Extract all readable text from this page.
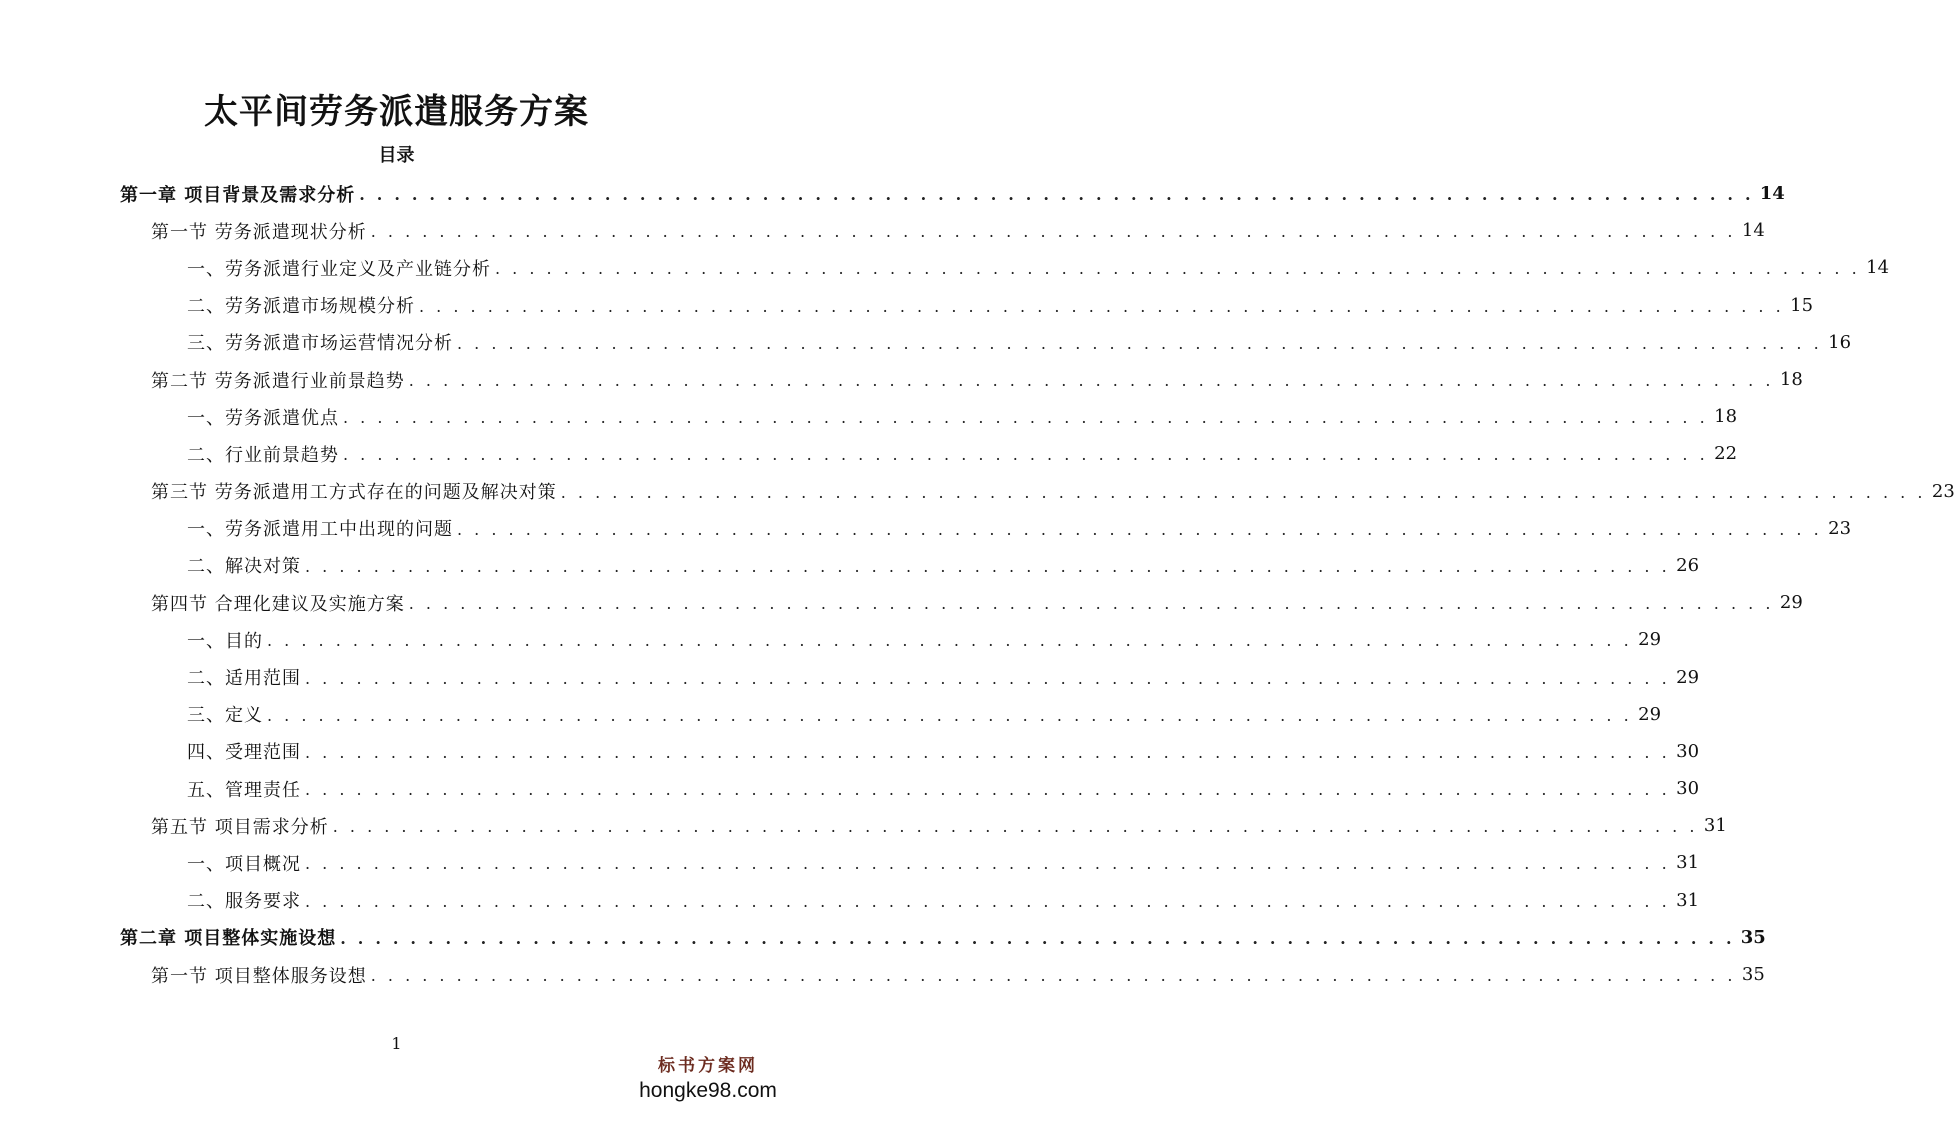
太平间劳务派遣服务方案
目录
第一章 项目背景及需求分析 . . . . . . . . . . . . . . . . . . . . . . . . . . . . . . . . . . . . . . . . . . . . . . . . . . . . . . . . . . . . . . . . . . . . . . . . . . . . . . . . 14
第一节 劳务派遣现状分析 . . . . . . . . . . . . . . . . . . . . . . . . . . . . . . . . . . . . . . . . . . . . . . . . . . . . . . . . . . . . . . . . . . . . . . . . . . . . . . . . 14
一、劳务派遣行业定义及产业链分析 . . . . . . . . . . . . . . . . . . . . . . . . . . . . . . . . . . . . . . . . . . . . . . . . . . . . . . . . . . . . . . . . . . . . . . . . . . . . . . . . 14
二、劳务派遣市场规模分析 . . . . . . . . . . . . . . . . . . . . . . . . . . . . . . . . . . . . . . . . . . . . . . . . . . . . . . . . . . . . . . . . . . . . . . . . . . . . . . . . 15
三、劳务派遣市场运营情况分析 . . . . . . . . . . . . . . . . . . . . . . . . . . . . . . . . . . . . . . . . . . . . . . . . . . . . . . . . . . . . . . . . . . . . . . . . . . . . . . . . 16
第二节 劳务派遣行业前景趋势 . . . . . . . . . . . . . . . . . . . . . . . . . . . . . . . . . . . . . . . . . . . . . . . . . . . . . . . . . . . . . . . . . . . . . . . . . . . . . . . . 18
一、劳务派遣优点 . . . . . . . . . . . . . . . . . . . . . . . . . . . . . . . . . . . . . . . . . . . . . . . . . . . . . . . . . . . . . . . . . . . . . . . . . . . . . . . . 18
二、行业前景趋势 . . . . . . . . . . . . . . . . . . . . . . . . . . . . . . . . . . . . . . . . . . . . . . . . . . . . . . . . . . . . . . . . . . . . . . . . . . . . . . . . 22
第三节 劳务派遣用工方式存在的问题及解决对策 . . . . . . . . . . . . . . . . . . . . . . . . . . . . . . . . . . . . . . . . . . . . . . . . . . . . . . . . . . . . . . . . . . . . . . . . . . . . . . . . 23
一、劳务派遣用工中出现的问题 . . . . . . . . . . . . . . . . . . . . . . . . . . . . . . . . . . . . . . . . . . . . . . . . . . . . . . . . . . . . . . . . . . . . . . . . . . . . . . . . 23
二、解决对策 . . . . . . . . . . . . . . . . . . . . . . . . . . . . . . . . . . . . . . . . . . . . . . . . . . . . . . . . . . . . . . . . . . . . . . . . . . . . . . . . 26
第四节 合理化建议及实施方案 . . . . . . . . . . . . . . . . . . . . . . . . . . . . . . . . . . . . . . . . . . . . . . . . . . . . . . . . . . . . . . . . . . . . . . . . . . . . . . . . 29
一、目的 . . . . . . . . . . . . . . . . . . . . . . . . . . . . . . . . . . . . . . . . . . . . . . . . . . . . . . . . . . . . . . . . . . . . . . . . . . . . . . . . 29
二、适用范围 . . . . . . . . . . . . . . . . . . . . . . . . . . . . . . . . . . . . . . . . . . . . . . . . . . . . . . . . . . . . . . . . . . . . . . . . . . . . . . . . 29
三、定义 . . . . . . . . . . . . . . . . . . . . . . . . . . . . . . . . . . . . . . . . . . . . . . . . . . . . . . . . . . . . . . . . . . . . . . . . . . . . . . . . 29
四、受理范围 . . . . . . . . . . . . . . . . . . . . . . . . . . . . . . . . . . . . . . . . . . . . . . . . . . . . . . . . . . . . . . . . . . . . . . . . . . . . . . . . 30
五、管理责任 . . . . . . . . . . . . . . . . . . . . . . . . . . . . . . . . . . . . . . . . . . . . . . . . . . . . . . . . . . . . . . . . . . . . . . . . . . . . . . . . 30
第五节 项目需求分析 . . . . . . . . . . . . . . . . . . . . . . . . . . . . . . . . . . . . . . . . . . . . . . . . . . . . . . . . . . . . . . . . . . . . . . . . . . . . . . . . 31
一、项目概况 . . . . . . . . . . . . . . . . . . . . . . . . . . . . . . . . . . . . . . . . . . . . . . . . . . . . . . . . . . . . . . . . . . . . . . . . . . . . . . . . 31
二、服务要求 . . . . . . . . . . . . . . . . . . . . . . . . . . . . . . . . . . . . . . . . . . . . . . . . . . . . . . . . . . . . . . . . . . . . . . . . . . . . . . . . 31
第二章 项目整体实施设想 . . . . . . . . . . . . . . . . . . . . . . . . . . . . . . . . . . . . . . . . . . . . . . . . . . . . . . . . . . . . . . . . . . . . . . . . . . . . . . . . 35
第一节 项目整体服务设想 . . . . . . . . . . . . . . . . . . . . . . . . . . . . . . . . . . . . . . . . . . . . . . . . . . . . . . . . . . . . . . . . . . . . . . . . . . . . . . . . 35
1
标书方案网
hongke98.com
